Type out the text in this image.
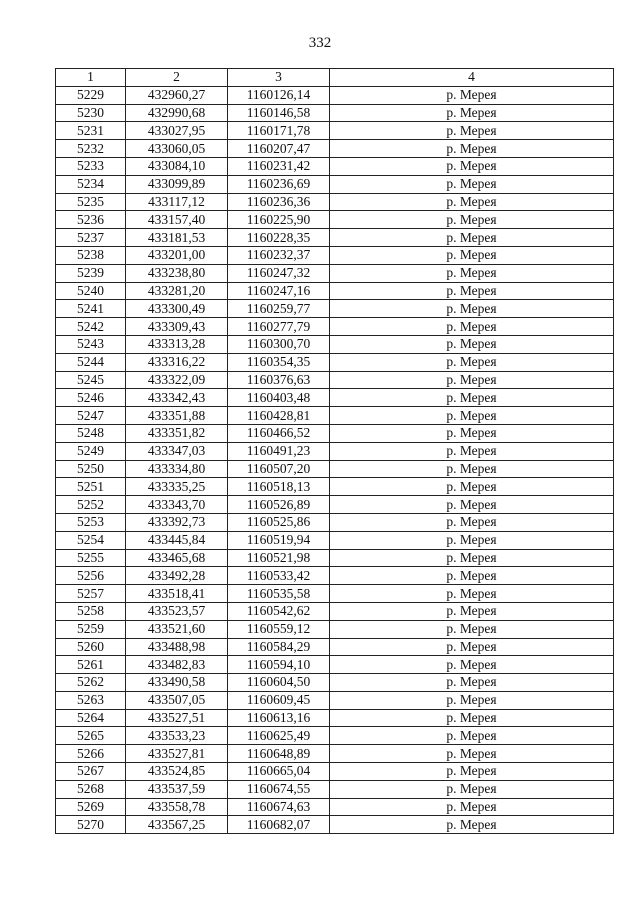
332
1	2	3	4
5229	432960,27	1160126,14	р. Мерея
5230	432990,68	1160146,58	р. Мерея
5231	433027,95	1160171,78	р. Мерея
5232	433060,05	1160207,47	р. Мерея
5233	433084,10	1160231,42	р. Мерея
5234	433099,89	1160236,69	р. Мерея
5235	433117,12	1160236,36	р. Мерея
5236	433157,40	1160225,90	р. Мерея
5237	433181,53	1160228,35	р. Мерея
5238	433201,00	1160232,37	р. Мерея
5239	433238,80	1160247,32	р. Мерея
5240	433281,20	1160247,16	р. Мерея
5241	433300,49	1160259,77	р. Мерея
5242	433309,43	1160277,79	р. Мерея
5243	433313,28	1160300,70	р. Мерея
5244	433316,22	1160354,35	р. Мерея
5245	433322,09	1160376,63	р. Мерея
5246	433342,43	1160403,48	р. Мерея
5247	433351,88	1160428,81	р. Мерея
5248	433351,82	1160466,52	р. Мерея
5249	433347,03	1160491,23	р. Мерея
5250	433334,80	1160507,20	р. Мерея
5251	433335,25	1160518,13	р. Мерея
5252	433343,70	1160526,89	р. Мерея
5253	433392,73	1160525,86	р. Мерея
5254	433445,84	1160519,94	р. Мерея
5255	433465,68	1160521,98	р. Мерея
5256	433492,28	1160533,42	р. Мерея
5257	433518,41	1160535,58	р. Мерея
5258	433523,57	1160542,62	р. Мерея
5259	433521,60	1160559,12	р. Мерея
5260	433488,98	1160584,29	р. Мерея
5261	433482,83	1160594,10	р. Мерея
5262	433490,58	1160604,50	р. Мерея
5263	433507,05	1160609,45	р. Мерея
5264	433527,51	1160613,16	р. Мерея
5265	433533,23	1160625,49	р. Мерея
5266	433527,81	1160648,89	р. Мерея
5267	433524,85	1160665,04	р. Мерея
5268	433537,59	1160674,55	р. Мерея
5269	433558,78	1160674,63	р. Мерея
5270	433567,25	1160682,07	р. Мерея
